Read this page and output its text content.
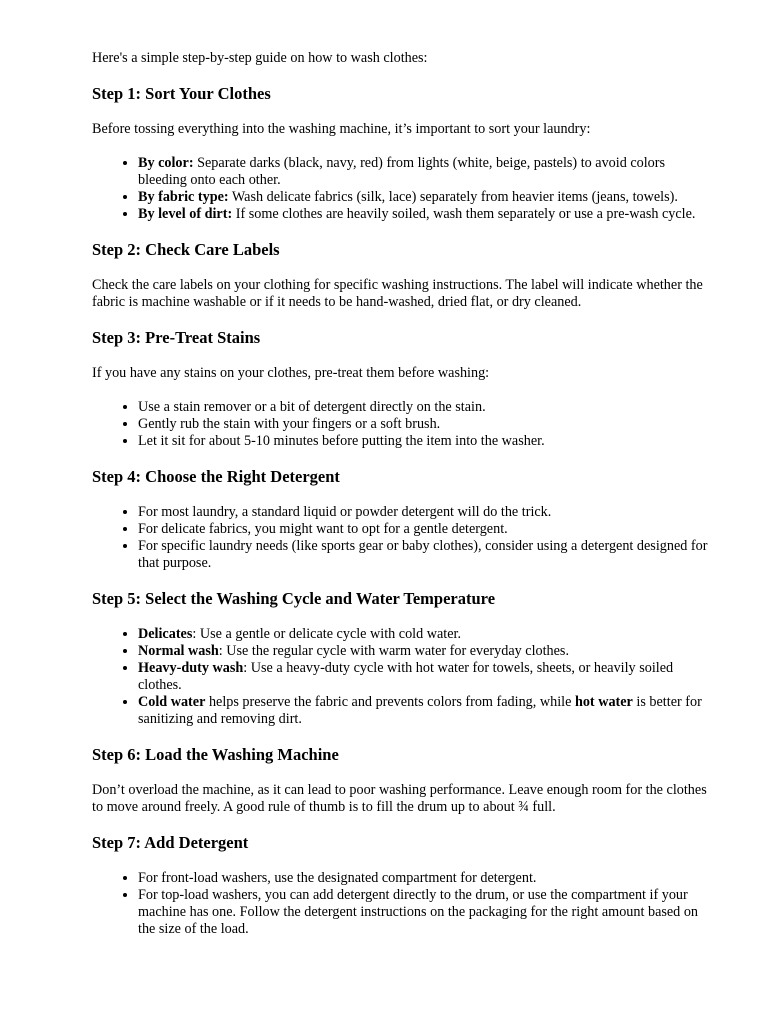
Here's a simple step-by-step guide on how to wash clothes:

Step 1: Sort Your Clothes

Before tossing everything into the washing machine, it’s important to sort your laundry:

• By color: Separate darks (black, navy, red) from lights (white, beige, pastels) to avoid colors bleeding onto each other.
• By fabric type: Wash delicate fabrics (silk, lace) separately from heavier items (jeans, towels).
• By level of dirt: If some clothes are heavily soiled, wash them separately or use a pre-wash cycle.
Step 2: Check Care Labels

Check the care labels on your clothing for specific washing instructions. The label will indicate whether the fabric is machine washable or if it needs to be hand-washed, dried flat, or dry cleaned.

Step 3: Pre-Treat Stains

If you have any stains on your clothes, pre-treat them before washing:

• Use a stain remover or a bit of detergent directly on the stain.
• Gently rub the stain with your fingers or a soft brush.
• Let it sit for about 5-10 minutes before putting the item into the washer.
Step 4: Choose the Right Detergent
• For most laundry, a standard liquid or powder detergent will do the trick.
• For delicate fabrics, you might want to opt for a gentle detergent.
• For specific laundry needs (like sports gear or baby clothes), consider using a detergent designed for that purpose.
Step 5: Select the Washing Cycle and Water Temperature
• Delicates: Use a gentle or delicate cycle with cold water.
• Normal wash: Use the regular cycle with warm water for everyday clothes.
• Heavy-duty wash: Use a heavy-duty cycle with hot water for towels, sheets, or heavily soiled clothes.
• Cold water helps preserve the fabric and prevents colors from fading, while hot water is better for sanitizing and removing dirt.
Step 6: Load the Washing Machine

Don’t overload the machine, as it can lead to poor washing performance. Leave enough room for the clothes to move around freely. A good rule of thumb is to fill the drum up to about ¾ full.

Step 7: Add Detergent
• For front-load washers, use the designated compartment for detergent.
• For top-load washers, you can add detergent directly to the drum, or use the compartment if your machine has one. Follow the detergent instructions on the packaging for the right amount based on the size of the load.
